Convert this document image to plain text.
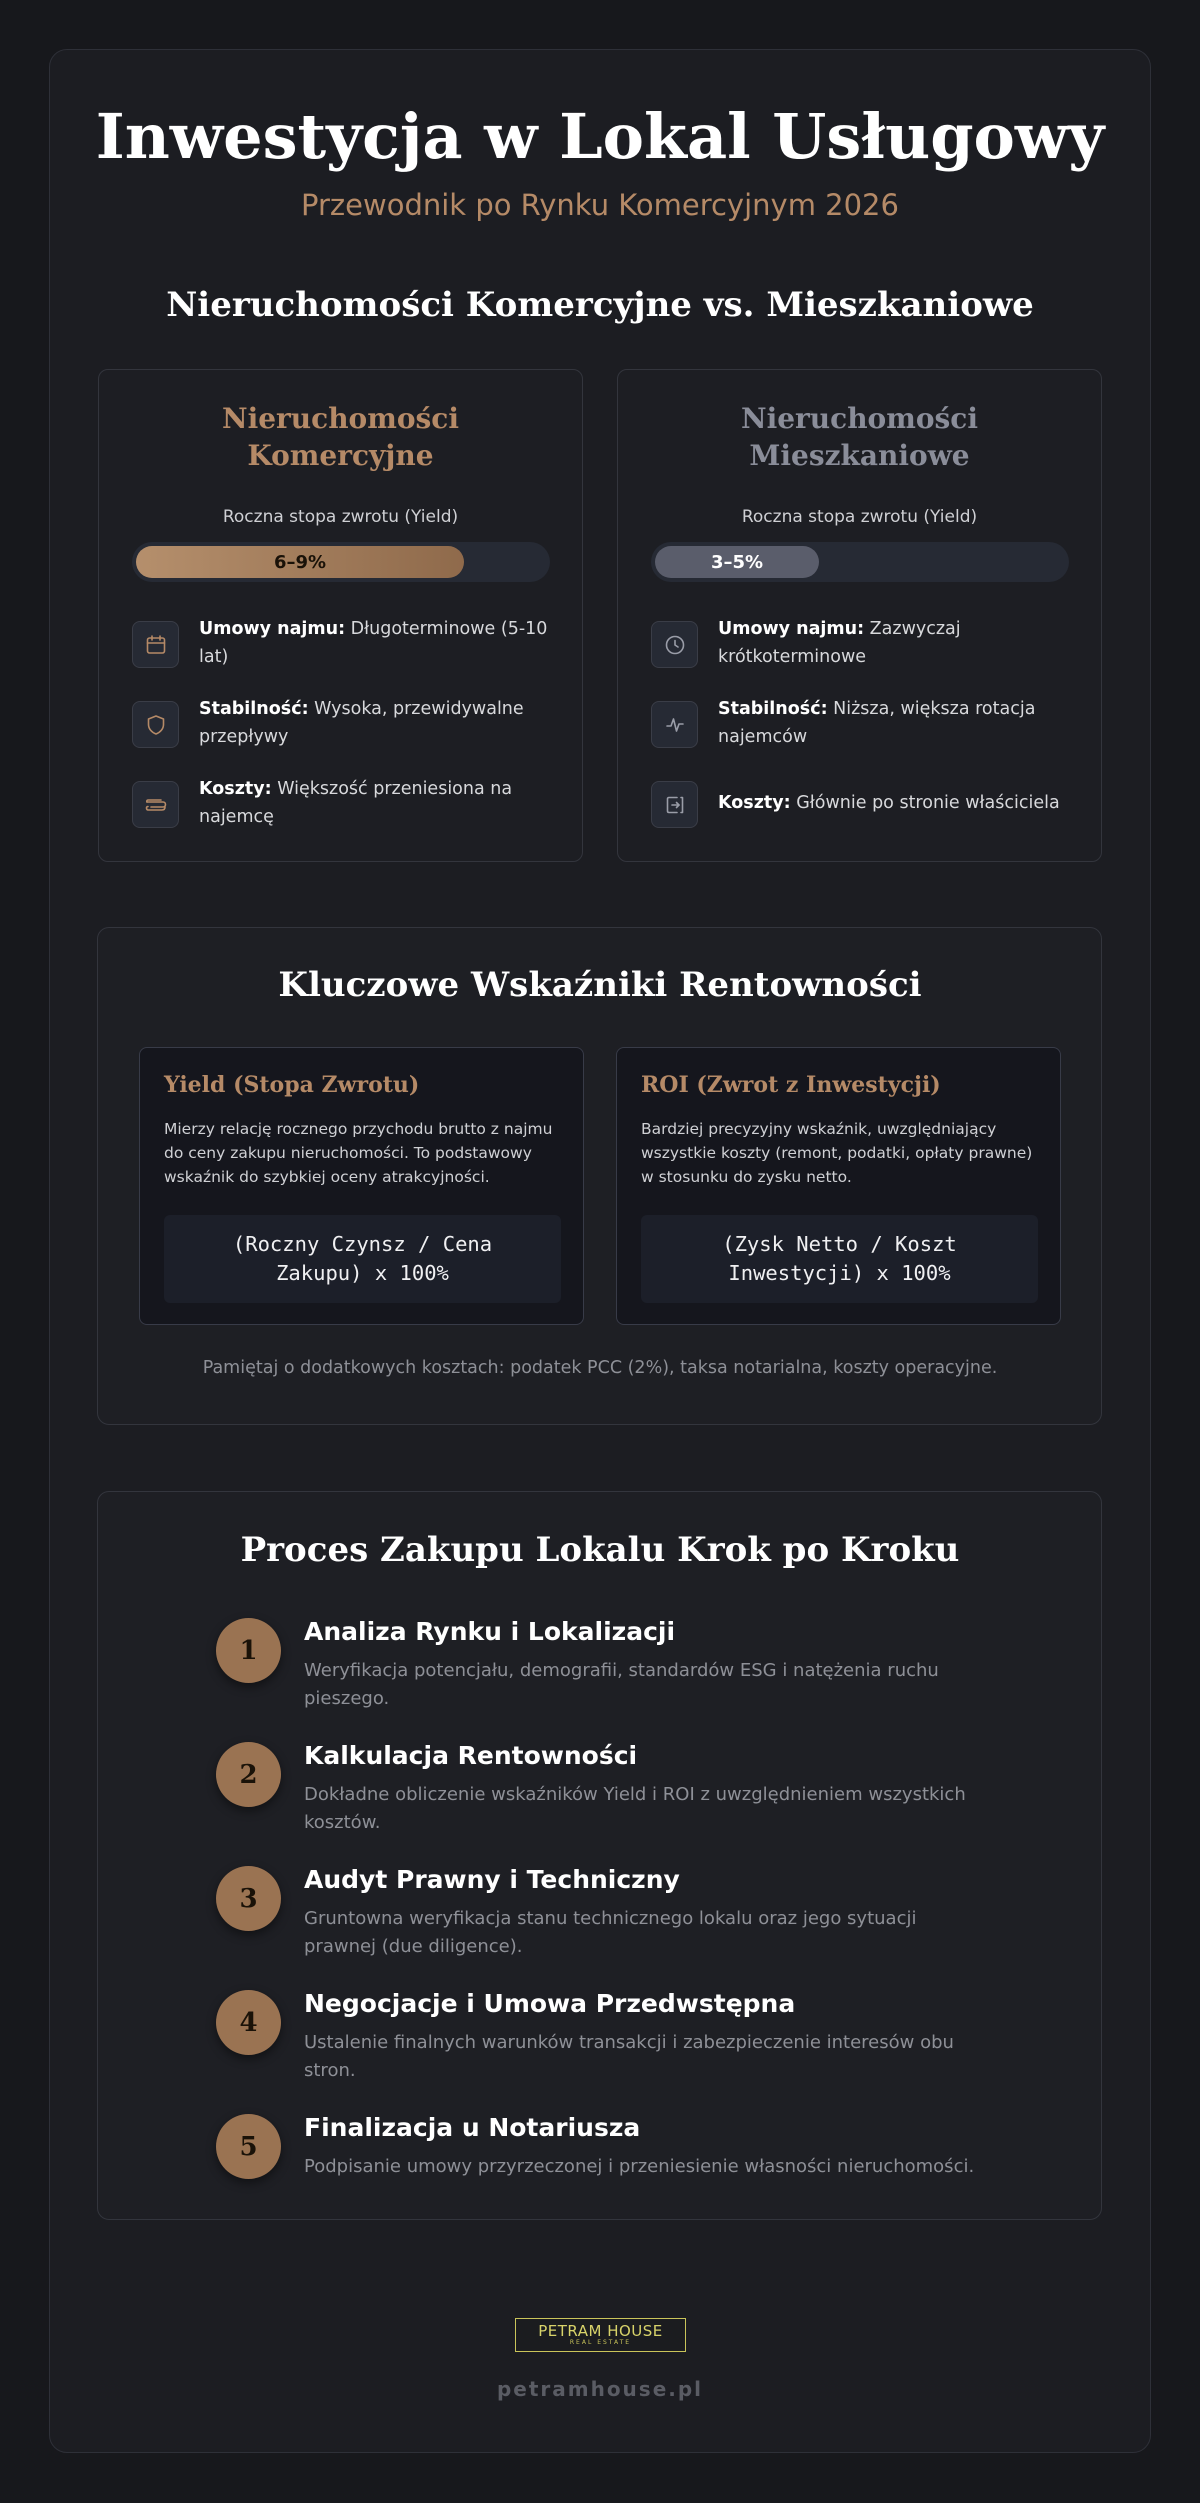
Inwestycja w Lokal Usługowy
Przewodnik po Rynku Komercyjnym 2026
Nieruchomości Komercyjne vs. Mieszkaniowe
Nieruchomości
Komercyjne
Roczna stopa zwrotu (Yield)
6–9%
Umowy najmu: Długoterminowe (5-10 lat)
Stabilność: Wysoka, przewidywalne przepływy
Koszty: Większość przeniesiona na najemcę
Nieruchomości
Mieszkaniowe
Roczna stopa zwrotu (Yield)
3–5%
Umowy najmu: Zazwyczaj krótkoterminowe
Stabilność: Niższa, większa rotacja najemców
Koszty: Głównie po stronie właściciela
Kluczowe Wskaźniki Rentowności
Yield (Stopa Zwrotu)
Mierzy relację rocznego przychodu brutto z najmu do ceny zakupu nieruchomości. To podstawowy wskaźnik do szybkiej oceny atrakcyjności.
(Roczny Czynsz / Cena Zakupu) x 100%
ROI (Zwrot z Inwestycji)
Bardziej precyzyjny wskaźnik, uwzględniający wszystkie koszty (remont, podatki, opłaty prawne) w stosunku do zysku netto.
(Zysk Netto / Koszt Inwestycji) x 100%
Pamiętaj o dodatkowych kosztach: podatek PCC (2%), taksa notarialna, koszty operacyjne.
Proces Zakupu Lokalu Krok po Kroku
1
Analiza Rynku i Lokalizacji
Weryfikacja potencjału, demografii, standardów ESG i natężenia ruchu pieszego.
2
Kalkulacja Rentowności
Dokładne obliczenie wskaźników Yield i ROI z uwzględnieniem wszystkich kosztów.
3
Audyt Prawny i Techniczny
Gruntowna weryfikacja stanu technicznego lokalu oraz jego sytuacji prawnej (due diligence).
4
Negocjacje i Umowa Przedwstępna
Ustalenie finalnych warunków transakcji i zabezpieczenie interesów obu stron.
5
Finalizacja u Notariusza
Podpisanie umowy przyrzeczonej i przeniesienie własności nieruchomości.
PETRAM HOUSE
REAL ESTATE
petramhouse.pl
